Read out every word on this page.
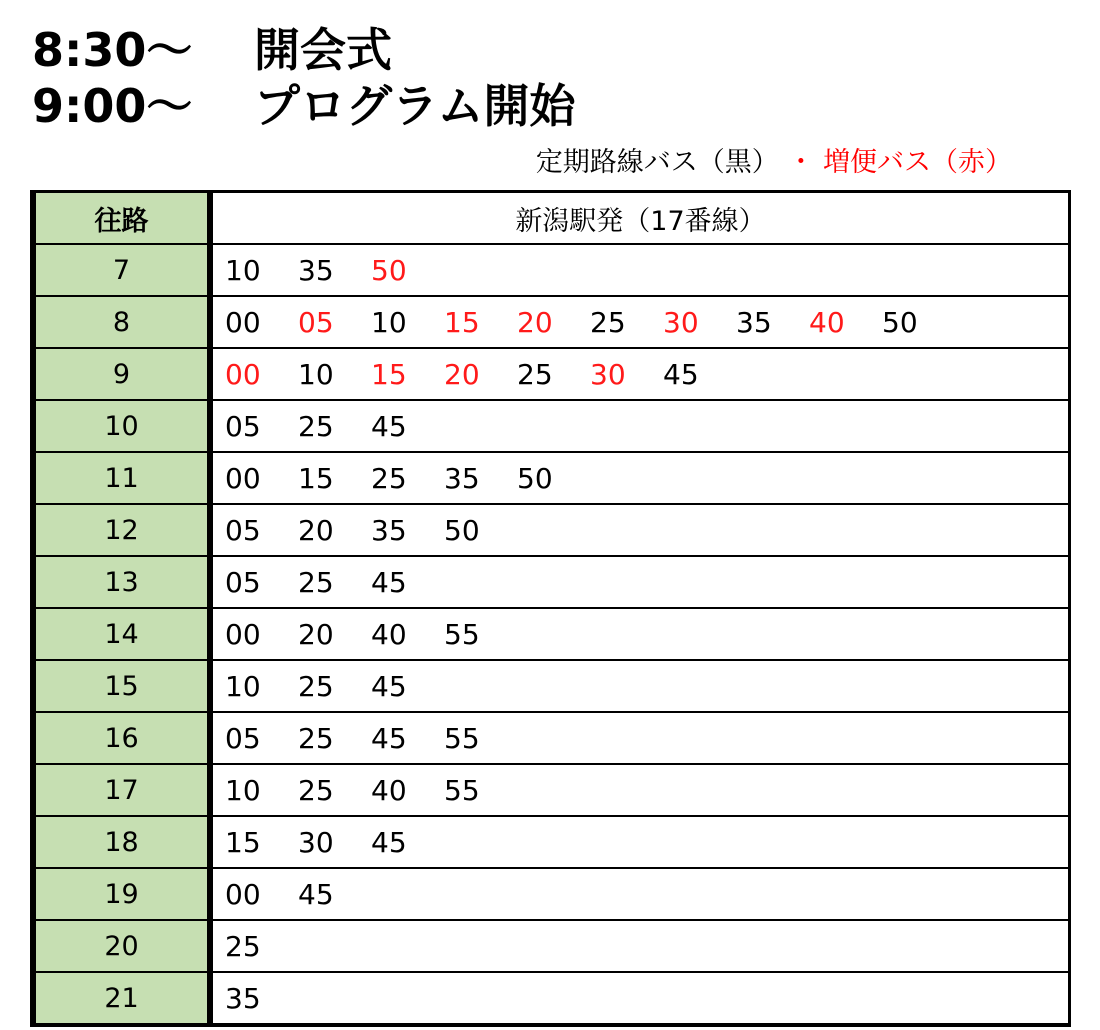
8:30～	開会式
9:00～	プログラム開始
定期路線バス（黒） ・ 増便バス（赤）
往路	新潟駅発（17番線）
7	10 35 50
8	00 05 10 15 20 25 30 35 40 50
9	00 10 15 20 25 30 45
10	05 25 45
11	00 15 25 35 50
12	05 20 35 50
13	05 25 45
14	00 20 40 55
15	10 25 45
16	05 25 45 55
17	10 25 40 55
18	15 30 45
19	00 45
20	25
21	35
